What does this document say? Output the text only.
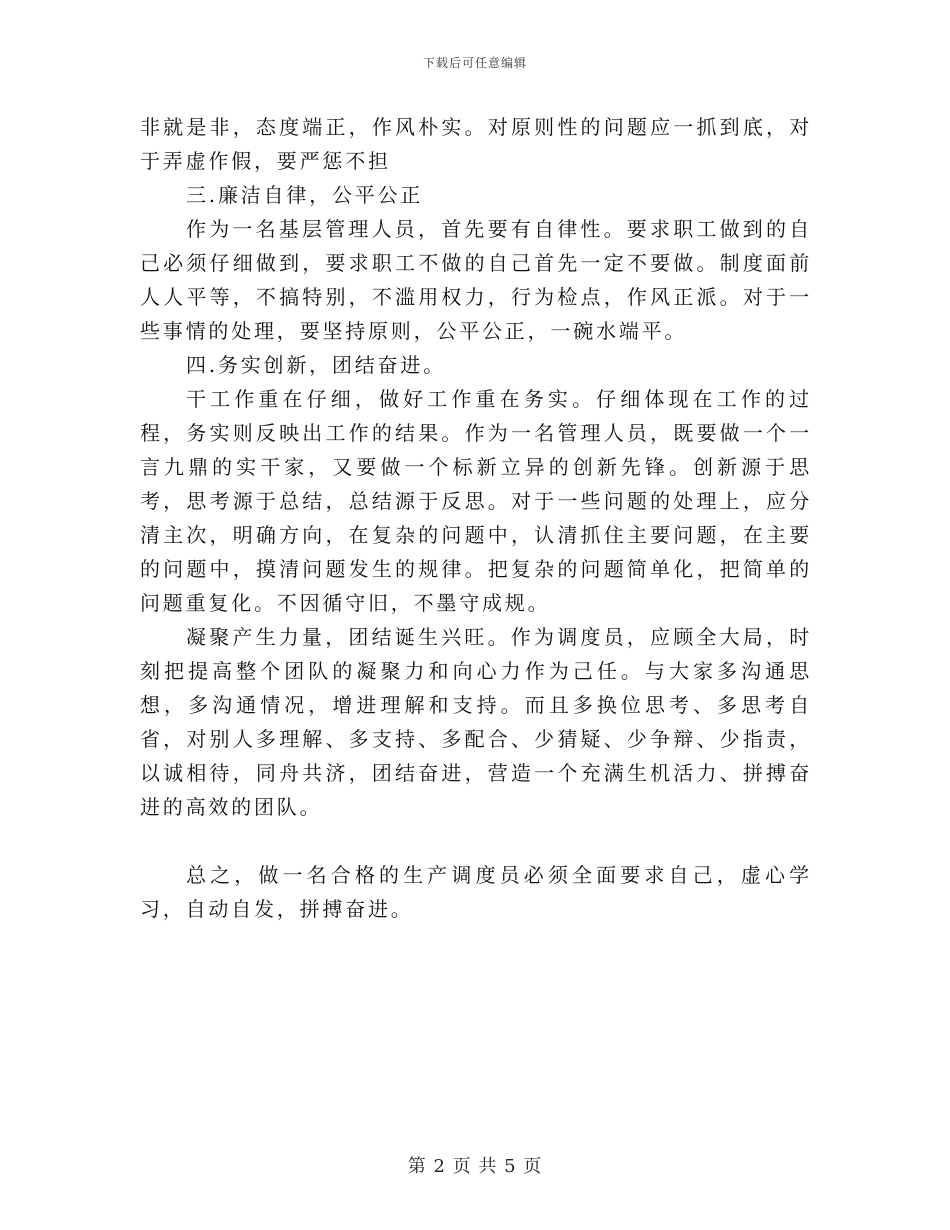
下载后可任意编辑

非就是非，态度端正，作风朴实。对原则性的问题应一抓到底，对于弄虚作假，要严惩不担

三.廉洁自律，公平公正

作为一名基层管理人员，首先要有自律性。要求职工做到的自己必须仔细做到，要求职工不做的自己首先一定不要做。制度面前人人平等，不搞特别，不滥用权力，行为检点，作风正派。对于一些事情的处理，要坚持原则，公平公正，一碗水端平。

四.务实创新，团结奋进。

干工作重在仔细，做好工作重在务实。仔细体现在工作的过程，务实则反映出工作的结果。作为一名管理人员，既要做一个一言九鼎的实干家，又要做一个标新立异的创新先锋。创新源于思考，思考源于总结，总结源于反思。对于一些问题的处理上，应分清主次，明确方向，在复杂的问题中，认清抓住主要问题，在主要的问题中，摸清问题发生的规律。把复杂的问题简单化，把简单的问题重复化。不因循守旧，不墨守成规。

凝聚产生力量，团结诞生兴旺。作为调度员，应顾全大局，时刻把提高整个团队的凝聚力和向心力作为己任。与大家多沟通思想，多沟通情况，增进理解和支持。而且多换位思考、多思考自省，对别人多理解、多支持、多配合、少猜疑、少争辩、少指责，以诚相待，同舟共济，团结奋进，营造一个充满生机活力、拼搏奋进的高效的团队。

总之，做一名合格的生产调度员必须全面要求自己，虚心学习，自动自发，拼搏奋进。

第 2 页 共 5 页
